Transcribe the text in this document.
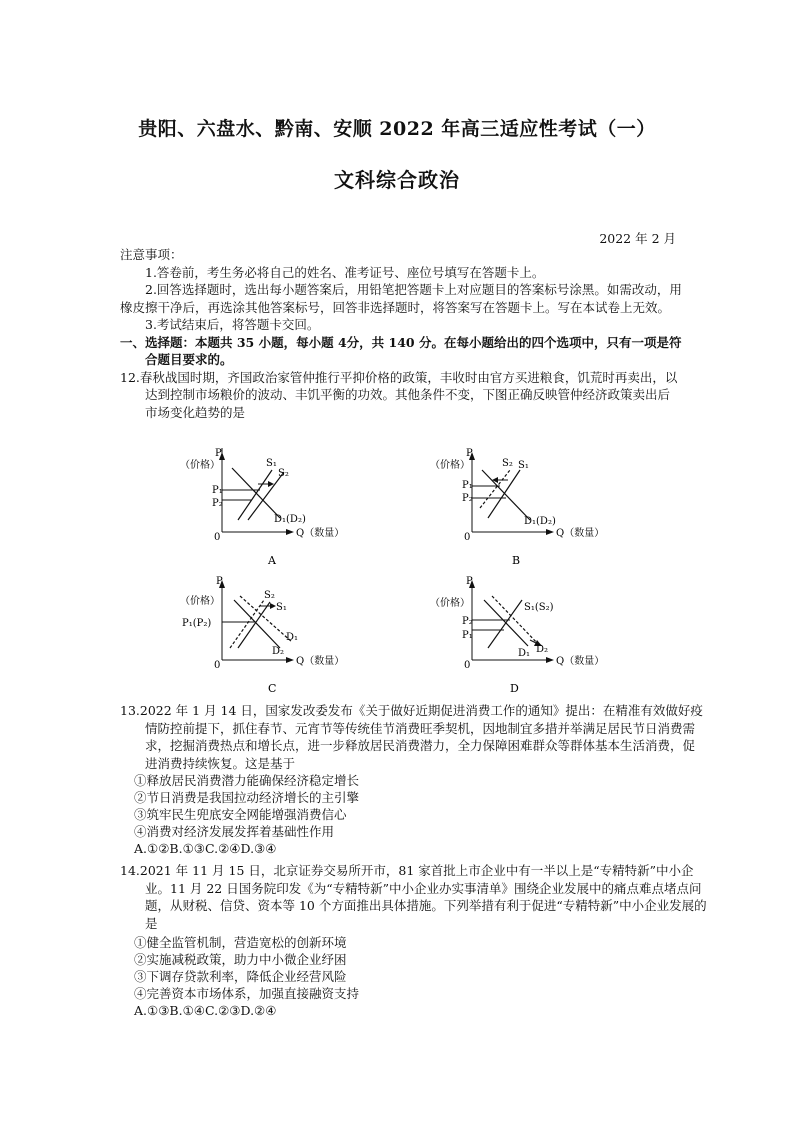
贵阳、六盘水、黔南、安顺 2022 年高三适应性考试（一）
文科综合政治
2022 年 2 月
注意事项：
1.答卷前，考生务必将自己的姓名、准考证号、座位号填写在答题卡上。
2.回答选择题时，选出每小题答案后，用铅笔把答题卡上对应题目的答案标号涂黑。如需改动，用橡皮擦干净后，再选涂其他答案标号，回答非选择题时，将答案写在答题卡上。写在本试卷上无效。
3.考试结束后，将答题卡交回。
一、选择题：本题共 35 小题，每小题 4分，共 140 分。在每小题给出的四个选项中，只有一项是符合题目要求的。
12.春秋战国时期，齐国政治家管仲推行平抑价格的政策，丰收时由官方买进粮食，饥荒时再卖出，以达到控制市场粮价的波动、丰饥平衡的功效。其他条件不变，下图正确反映管仲经济政策卖出后市场变化趋势的是
P
（价格）	S₁
S₂
P₁
P₂
D₁(D₂)
0	Q（数量）
A
P
（价格）	S₂ S₁
P₁
P₂
D₁(D₂)
0	Q（数量）
B
P
（价格）
S₂
S₁
P₁(P₂)
D₁
D₂
0	Q（数量）
C
P
（价格）	S₁(S₂)
P₂
P₁
D₁ D₂
0	Q（数量）
D
13.2022 年 1 月 14 日，国家发改委发布《关于做好近期促进消费工作的通知》提出：在精准有效做好疫情防控前提下，抓住春节、元宵节等传统佳节消费旺季契机，因地制宜多措并举满足居民节日消费需求，挖掘消费热点和增长点，进一步释放居民消费潜力，全力保障困难群众等群体基本生活消费，促进消费持续恢复。这是基于
①释放居民消费潜力能确保经济稳定增长
②节日消费是我国拉动经济增长的主引擎
③筑牢民生兜底安全网能增强消费信心
④消费对经济发展发挥着基础性作用
A.①②B.①③C.②④D.③④
14.2021 年 11 月 15 日，北京证券交易所开市，81 家首批上市企业中有一半以上是“专精特新”中小企业。11 月 22 日国务院印发《为“专精特新”中小企业办实事清单》围绕企业发展中的痛点难点堵点问题，从财税、信贷、资本等 10 个方面推出具体措施。下列举措有利于促进“专精特新”中小企业发展的是
①健全监管机制，营造宽松的创新环境
②实施减税政策，助力中小微企业纾困
③下调存贷款利率，降低企业经营风险
④完善资本市场体系，加强直接融资支持
A.①③B.①④C.②③D.②④
